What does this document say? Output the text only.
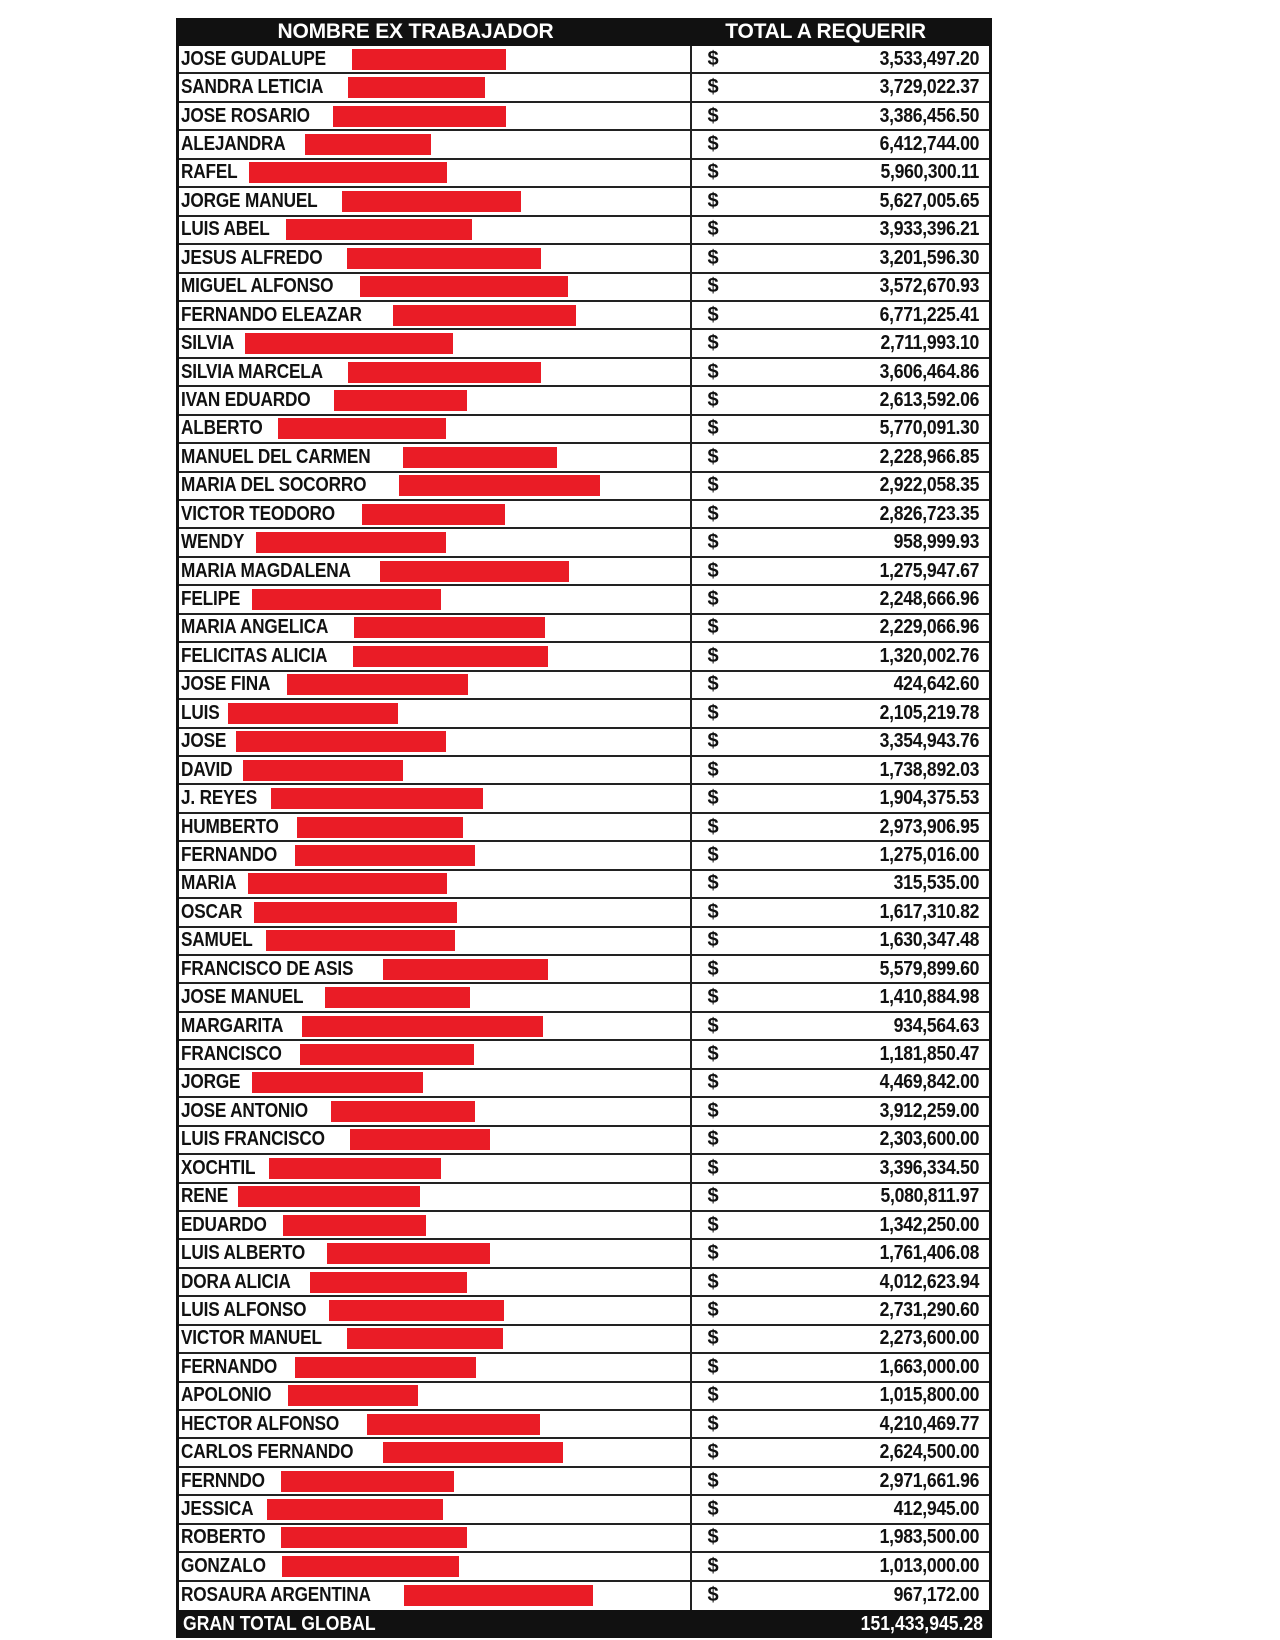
NOMBRE EX TRABAJADOR	TOTAL A REQUERIR
JOSE GUDALUPE	$	3,533,497.20
SANDRA LETICIA	$	3,729,022.37
JOSE ROSARIO	$	3,386,456.50
ALEJANDRA	$	6,412,744.00
RAFEL	$	5,960,300.11
JORGE MANUEL	$	5,627,005.65
LUIS ABEL	$	3,933,396.21
JESUS ALFREDO	$	3,201,596.30
MIGUEL ALFONSO	$	3,572,670.93
FERNANDO ELEAZAR	$	6,771,225.41
SILVIA	$	2,711,993.10
SILVIA MARCELA	$	3,606,464.86
IVAN EDUARDO	$	2,613,592.06
ALBERTO	$	5,770,091.30
MANUEL DEL CARMEN	$	2,228,966.85
MARIA DEL SOCORRO	$	2,922,058.35
VICTOR TEODORO	$	2,826,723.35
WENDY	$	958,999.93
MARIA MAGDALENA	$	1,275,947.67
FELIPE	$	2,248,666.96
MARIA ANGELICA	$	2,229,066.96
FELICITAS ALICIA	$	1,320,002.76
JOSE FINA	$	424,642.60
LUIS	$	2,105,219.78
JOSE	$	3,354,943.76
DAVID	$	1,738,892.03
J. REYES	$	1,904,375.53
HUMBERTO	$	2,973,906.95
FERNANDO	$	1,275,016.00
MARIA	$	315,535.00
OSCAR	$	1,617,310.82
SAMUEL	$	1,630,347.48
FRANCISCO DE ASIS	$	5,579,899.60
JOSE MANUEL	$	1,410,884.98
MARGARITA	$	934,564.63
FRANCISCO	$	1,181,850.47
JORGE	$	4,469,842.00
JOSE ANTONIO	$	3,912,259.00
LUIS FRANCISCO	$	2,303,600.00
XOCHTIL	$	3,396,334.50
RENE	$	5,080,811.97
EDUARDO	$	1,342,250.00
LUIS ALBERTO	$	1,761,406.08
DORA ALICIA	$	4,012,623.94
LUIS ALFONSO	$	2,731,290.60
VICTOR MANUEL	$	2,273,600.00
FERNANDO	$	1,663,000.00
APOLONIO	$	1,015,800.00
HECTOR ALFONSO	$	4,210,469.77
CARLOS FERNANDO	$	2,624,500.00
FERNNDO	$	2,971,661.96
JESSICA	$	412,945.00
ROBERTO	$	1,983,500.00
GONZALO	$	1,013,000.00
ROSAURA ARGENTINA	$	967,172.00
GRAN TOTAL GLOBAL	151,433,945.28
